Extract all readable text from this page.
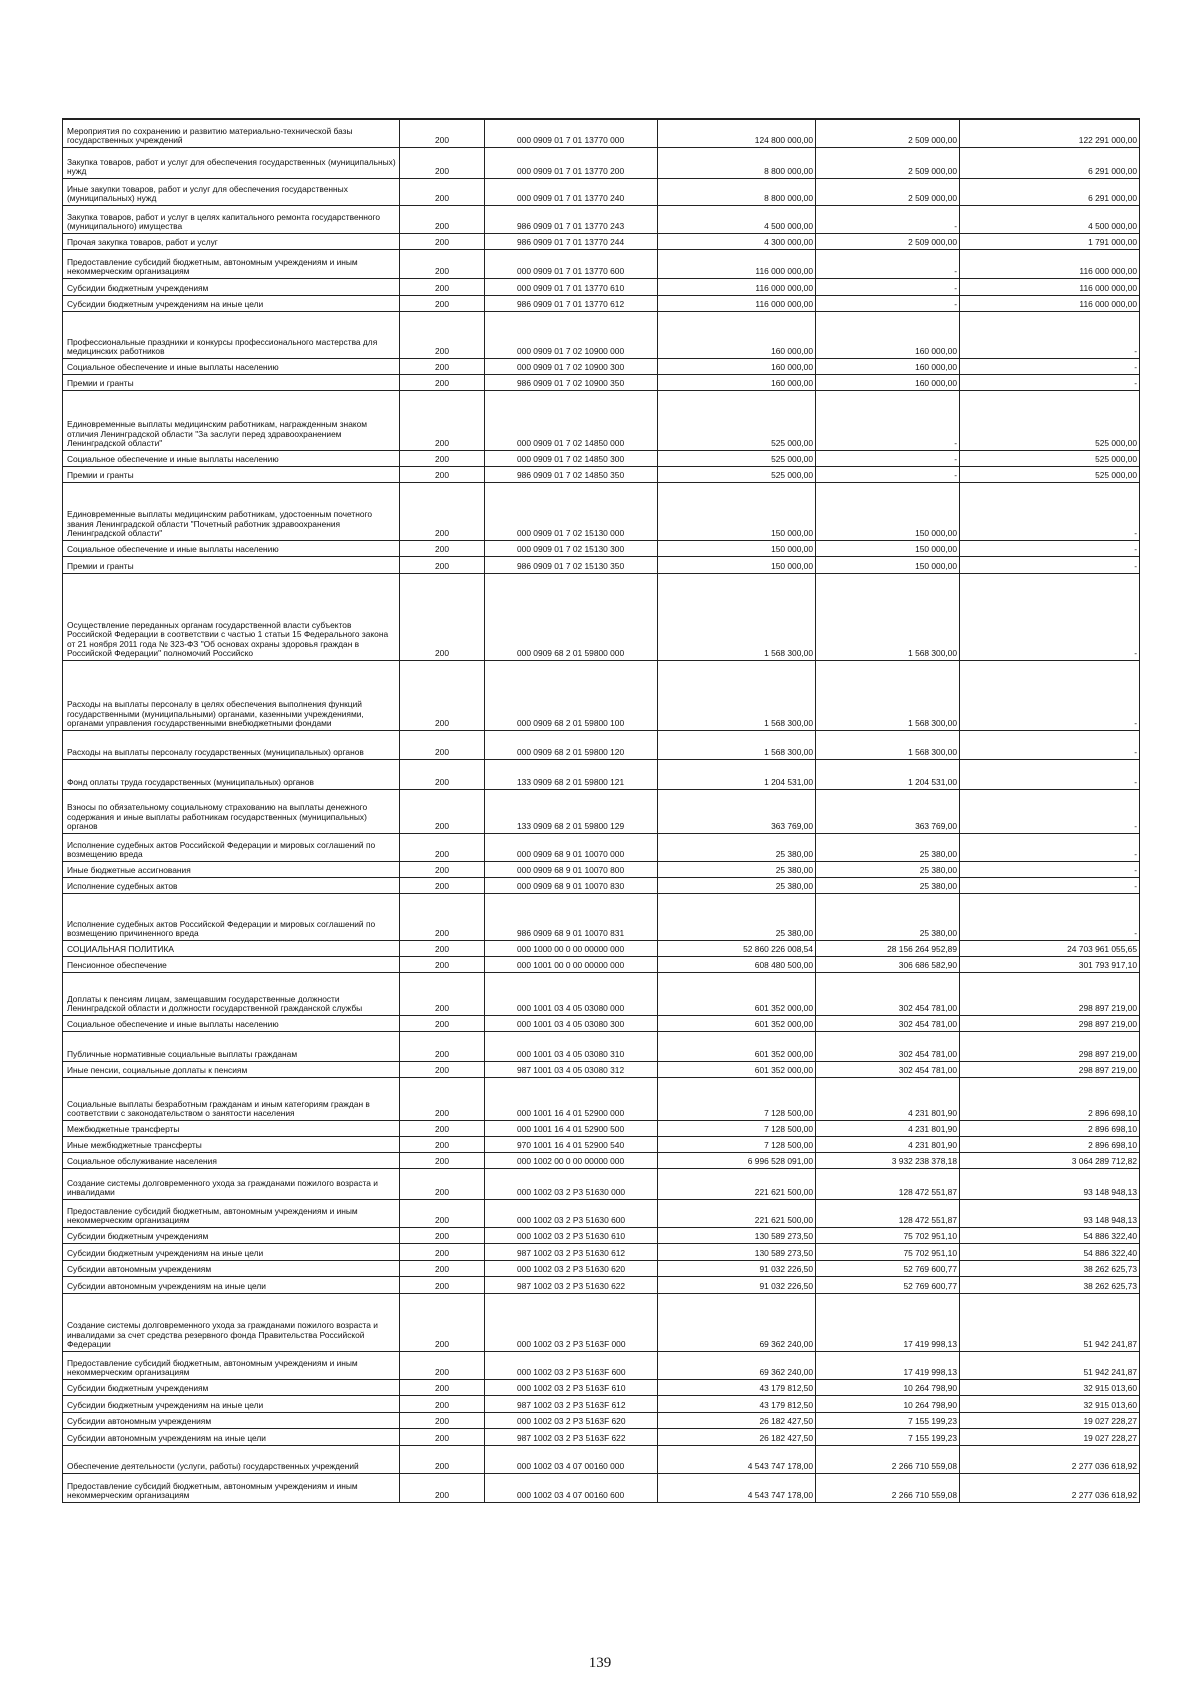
Мероприятия по сохранению и развитию материально-технической базы государственных учреждений	200	000 0909 01 7 01 13770 000	124 800 000,00	2 509 000,00	122 291 000,00
Закупка товаров, работ и услуг для обеспечения государственных (муниципальных) нужд	200	000 0909 01 7 01 13770 200	8 800 000,00	2 509 000,00	6 291 000,00
Иные закупки товаров, работ и услуг для обеспечения государственных (муниципальных) нужд	200	000 0909 01 7 01 13770 240	8 800 000,00	2 509 000,00	6 291 000,00
Закупка товаров, работ и услуг в целях капитального ремонта государственного (муниципального) имущества	200	986 0909 01 7 01 13770 243	4 500 000,00	-	4 500 000,00
Прочая закупка товаров, работ и услуг	200	986 0909 01 7 01 13770 244	4 300 000,00	2 509 000,00	1 791 000,00
Предоставление субсидий бюджетным, автономным учреждениям и иным некоммерческим организациям	200	000 0909 01 7 01 13770 600	116 000 000,00	-	116 000 000,00
Субсидии бюджетным учреждениям	200	000 0909 01 7 01 13770 610	116 000 000,00	-	116 000 000,00
Субсидии бюджетным учреждениям на иные цели	200	986 0909 01 7 01 13770 612	116 000 000,00	-	116 000 000,00
Профессиональные праздники и конкурсы профессионального мастерства для медицинских работников	200	000 0909 01 7 02 10900 000	160 000,00	160 000,00	-
Социальное обеспечение и иные выплаты населению	200	000 0909 01 7 02 10900 300	160 000,00	160 000,00	-
Премии и гранты	200	986 0909 01 7 02 10900 350	160 000,00	160 000,00	-
Единовременные выплаты медицинским работникам, награжденным знаком отличия Ленинградской области "За заслуги перед здравоохранением Ленинградской области"	200	000 0909 01 7 02 14850 000	525 000,00	-	525 000,00
Социальное обеспечение и иные выплаты населению	200	000 0909 01 7 02 14850 300	525 000,00	-	525 000,00
Премии и гранты	200	986 0909 01 7 02 14850 350	525 000,00	-	525 000,00
Единовременные выплаты медицинским работникам, удостоенным почетного звания Ленинградской области "Почетный работник здравоохранения Ленинградской области"	200	000 0909 01 7 02 15130 000	150 000,00	150 000,00	-
Социальное обеспечение и иные выплаты населению	200	000 0909 01 7 02 15130 300	150 000,00	150 000,00	-
Премии и гранты	200	986 0909 01 7 02 15130 350	150 000,00	150 000,00	-
Осуществление переданных органам государственной власти субъектов Российской Федерации в соответствии с частью 1 статьи 15 Федерального закона от 21 ноября 2011 года № 323-ФЗ "Об основах охраны здоровья граждан в Российской Федерации" полномочий Российско	200	000 0909 68 2 01 59800 000	1 568 300,00	1 568 300,00	-
Расходы на выплаты персоналу в целях обеспечения выполнения функций государственными (муниципальными) органами, казенными учреждениями, органами управления государственными внебюджетными фондами	200	000 0909 68 2 01 59800 100	1 568 300,00	1 568 300,00	-
Расходы на выплаты персоналу государственных (муниципальных) органов	200	000 0909 68 2 01 59800 120	1 568 300,00	1 568 300,00	-
Фонд оплаты труда государственных (муниципальных) органов	200	133 0909 68 2 01 59800 121	1 204 531,00	1 204 531,00	-
Взносы по обязательному социальному страхованию на выплаты денежного содержания и иные выплаты работникам государственных (муниципальных) органов	200	133 0909 68 2 01 59800 129	363 769,00	363 769,00	-
Исполнение судебных актов Российской Федерации и мировых соглашений по возмещению вреда	200	000 0909 68 9 01 10070 000	25 380,00	25 380,00	-
Иные бюджетные ассигнования	200	000 0909 68 9 01 10070 800	25 380,00	25 380,00	-
Исполнение судебных актов	200	000 0909 68 9 01 10070 830	25 380,00	25 380,00	-
Исполнение судебных актов Российской Федерации и мировых соглашений по возмещению причиненного вреда	200	986 0909 68 9 01 10070 831	25 380,00	25 380,00	-
СОЦИАЛЬНАЯ ПОЛИТИКА	200	000 1000 00 0 00 00000 000	52 860 226 008,54	28 156 264 952,89	24 703 961 055,65
Пенсионное обеспечение	200	000 1001 00 0 00 00000 000	608 480 500,00	306 686 582,90	301 793 917,10
Доплаты к пенсиям лицам, замещавшим государственные должности Ленинградской области и должности государственной гражданской службы	200	000 1001 03 4 05 03080 000	601 352 000,00	302 454 781,00	298 897 219,00
Социальное обеспечение и иные выплаты населению	200	000 1001 03 4 05 03080 300	601 352 000,00	302 454 781,00	298 897 219,00
Публичные нормативные социальные выплаты гражданам	200	000 1001 03 4 05 03080 310	601 352 000,00	302 454 781,00	298 897 219,00
Иные пенсии, социальные доплаты к пенсиям	200	987 1001 03 4 05 03080 312	601 352 000,00	302 454 781,00	298 897 219,00
Социальные выплаты безработным гражданам и иным категориям граждан в соответствии с законодательством о занятости населения	200	000 1001 16 4 01 52900 000	7 128 500,00	4 231 801,90	2 896 698,10
Межбюджетные трансферты	200	000 1001 16 4 01 52900 500	7 128 500,00	4 231 801,90	2 896 698,10
Иные межбюджетные трансферты	200	970 1001 16 4 01 52900 540	7 128 500,00	4 231 801,90	2 896 698,10
Социальное обслуживание населения	200	000 1002 00 0 00 00000 000	6 996 528 091,00	3 932 238 378,18	3 064 289 712,82
Создание системы долговременного ухода за гражданами пожилого возраста и инвалидами	200	000 1002 03 2 P3 51630 000	221 621 500,00	128 472 551,87	93 148 948,13
Предоставление субсидий бюджетным, автономным учреждениям и иным некоммерческим организациям	200	000 1002 03 2 P3 51630 600	221 621 500,00	128 472 551,87	93 148 948,13
Субсидии бюджетным учреждениям	200	000 1002 03 2 P3 51630 610	130 589 273,50	75 702 951,10	54 886 322,40
Субсидии бюджетным учреждениям на иные цели	200	987 1002 03 2 P3 51630 612	130 589 273,50	75 702 951,10	54 886 322,40
Субсидии автономным учреждениям	200	000 1002 03 2 P3 51630 620	91 032 226,50	52 769 600,77	38 262 625,73
Субсидии автономным учреждениям на иные цели	200	987 1002 03 2 P3 51630 622	91 032 226,50	52 769 600,77	38 262 625,73
Создание системы долговременного ухода за гражданами пожилого возраста и инвалидами за счет средства резервного фонда Правительства Российской Федерации	200	000 1002 03 2 P3 5163F 000	69 362 240,00	17 419 998,13	51 942 241,87
Предоставление субсидий бюджетным, автономным учреждениям и иным некоммерческим организациям	200	000 1002 03 2 P3 5163F 600	69 362 240,00	17 419 998,13	51 942 241,87
Субсидии бюджетным учреждениям	200	000 1002 03 2 P3 5163F 610	43 179 812,50	10 264 798,90	32 915 013,60
Субсидии бюджетным учреждениям на иные цели	200	987 1002 03 2 P3 5163F 612	43 179 812,50	10 264 798,90	32 915 013,60
Субсидии автономным учреждениям	200	000 1002 03 2 P3 5163F 620	26 182 427,50	7 155 199,23	19 027 228,27
Субсидии автономным учреждениям на иные цели	200	987 1002 03 2 P3 5163F 622	26 182 427,50	7 155 199,23	19 027 228,27
Обеспечение деятельности (услуги, работы) государственных учреждений	200	000 1002 03 4 07 00160 000	4 543 747 178,00	2 266 710 559,08	2 277 036 618,92
Предоставление субсидий бюджетным, автономным учреждениям и иным некоммерческим организациям	200	000 1002 03 4 07 00160 600	4 543 747 178,00	2 266 710 559,08	2 277 036 618,92
139
